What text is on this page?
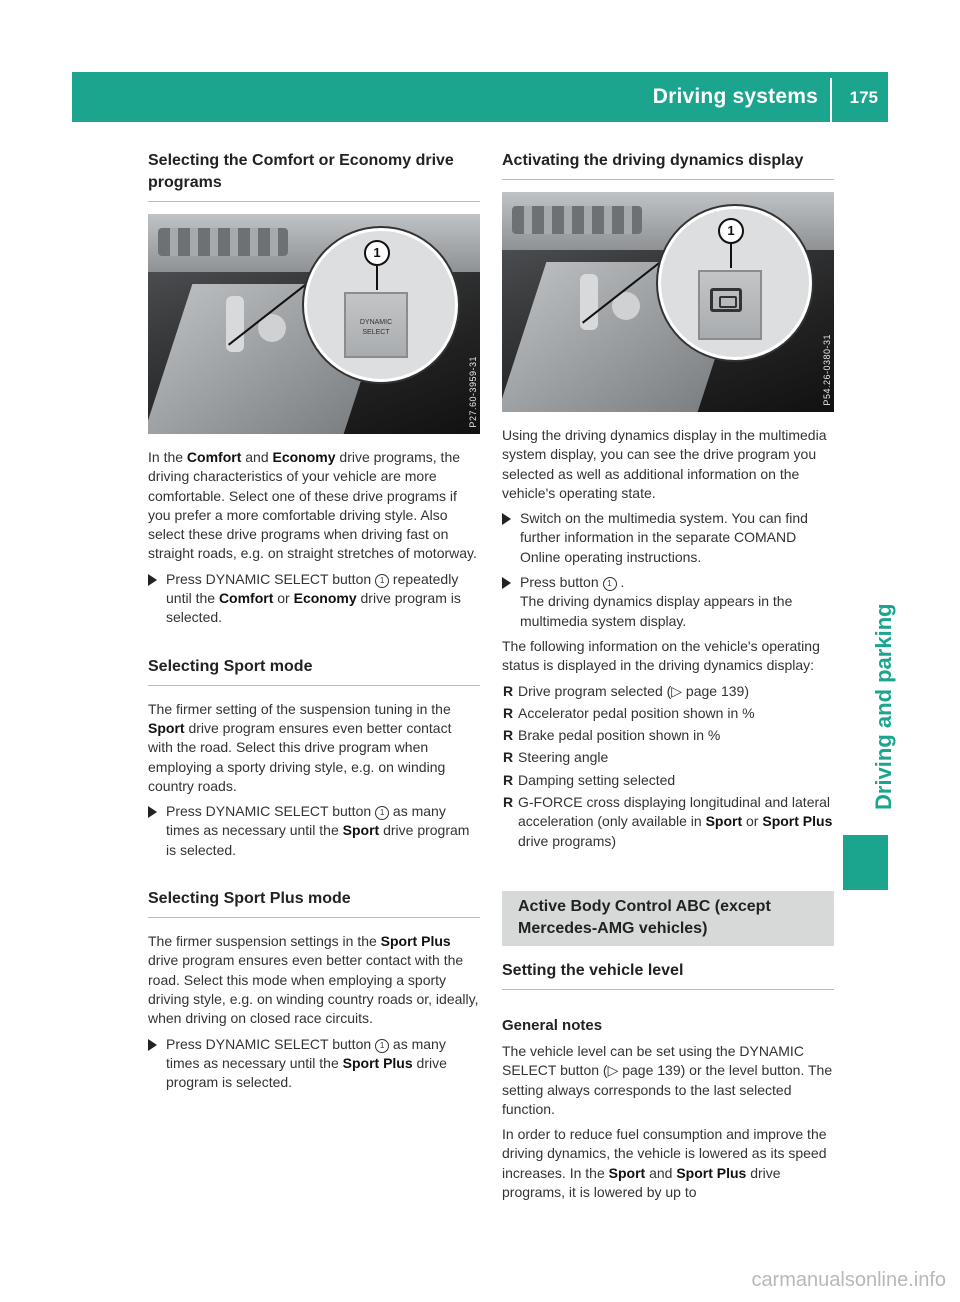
Driving systems 175
Driving and parking
Selecting the Comfort or Economy drive programs
DYNAMIC SELECT
1
P27.60-3959-31

In the Comfort and Economy drive programs, the driving characteristics of your vehicle are more comfortable. Select one of these drive programs if you prefer a more comfortable driving style. Also select these drive programs when driving fast on straight roads, e.g. on straight stretches of motorway.

Press DYNAMIC SELECT button 1 repeatedly until the Comfort or Economy drive program is selected.

Selecting Sport mode

The firmer setting of the suspension tuning in the Sport drive program ensures even better contact with the road. Select this drive program when employing a sporty driving style, e.g. on winding country roads.

Press DYNAMIC SELECT button 1 as many times as necessary until the Sport drive program is selected.

Selecting Sport Plus mode

The firmer suspension settings in the Sport Plus drive program ensures even better contact with the road. Select this mode when employing a sporty driving style, e.g. on winding country roads or, ideally, when driving on closed race circuits.

Press DYNAMIC SELECT button 1 as many times as necessary until the Sport Plus drive program is selected.

Activating the driving dynamics display
1
P54.26-0380-31

Using the driving dynamics display in the multimedia system display, you can see the drive program you selected as well as additional information on the vehicle's operating state.

Switch on the multimedia system. You can find further information in the separate COMAND Online operating instructions.

Press button 1 .

The driving dynamics display appears in the multimedia system display.

The following information on the vehicle's operating status is displayed in the driving dynamics display:

R Drive program selected (▷ page 139)

R Accelerator pedal position shown in %

R Brake pedal position shown in %

R Steering angle

R Damping setting selected

R G-FORCE cross displaying longitudinal and lateral acceleration (only available in Sport or Sport Plus drive programs)

Active Body Control ABC (except Mercedes-AMG vehicles)
Setting the vehicle level
General notes

The vehicle level can be set using the DYNAMIC SELECT button (▷ page 139) or the level button. The setting always corresponds to the last selected function.

In order to reduce fuel consumption and improve the driving dynamics, the vehicle is lowered as its speed increases. In the Sport and Sport Plus drive programs, it is lowered by up to

carmanualsonline.info
